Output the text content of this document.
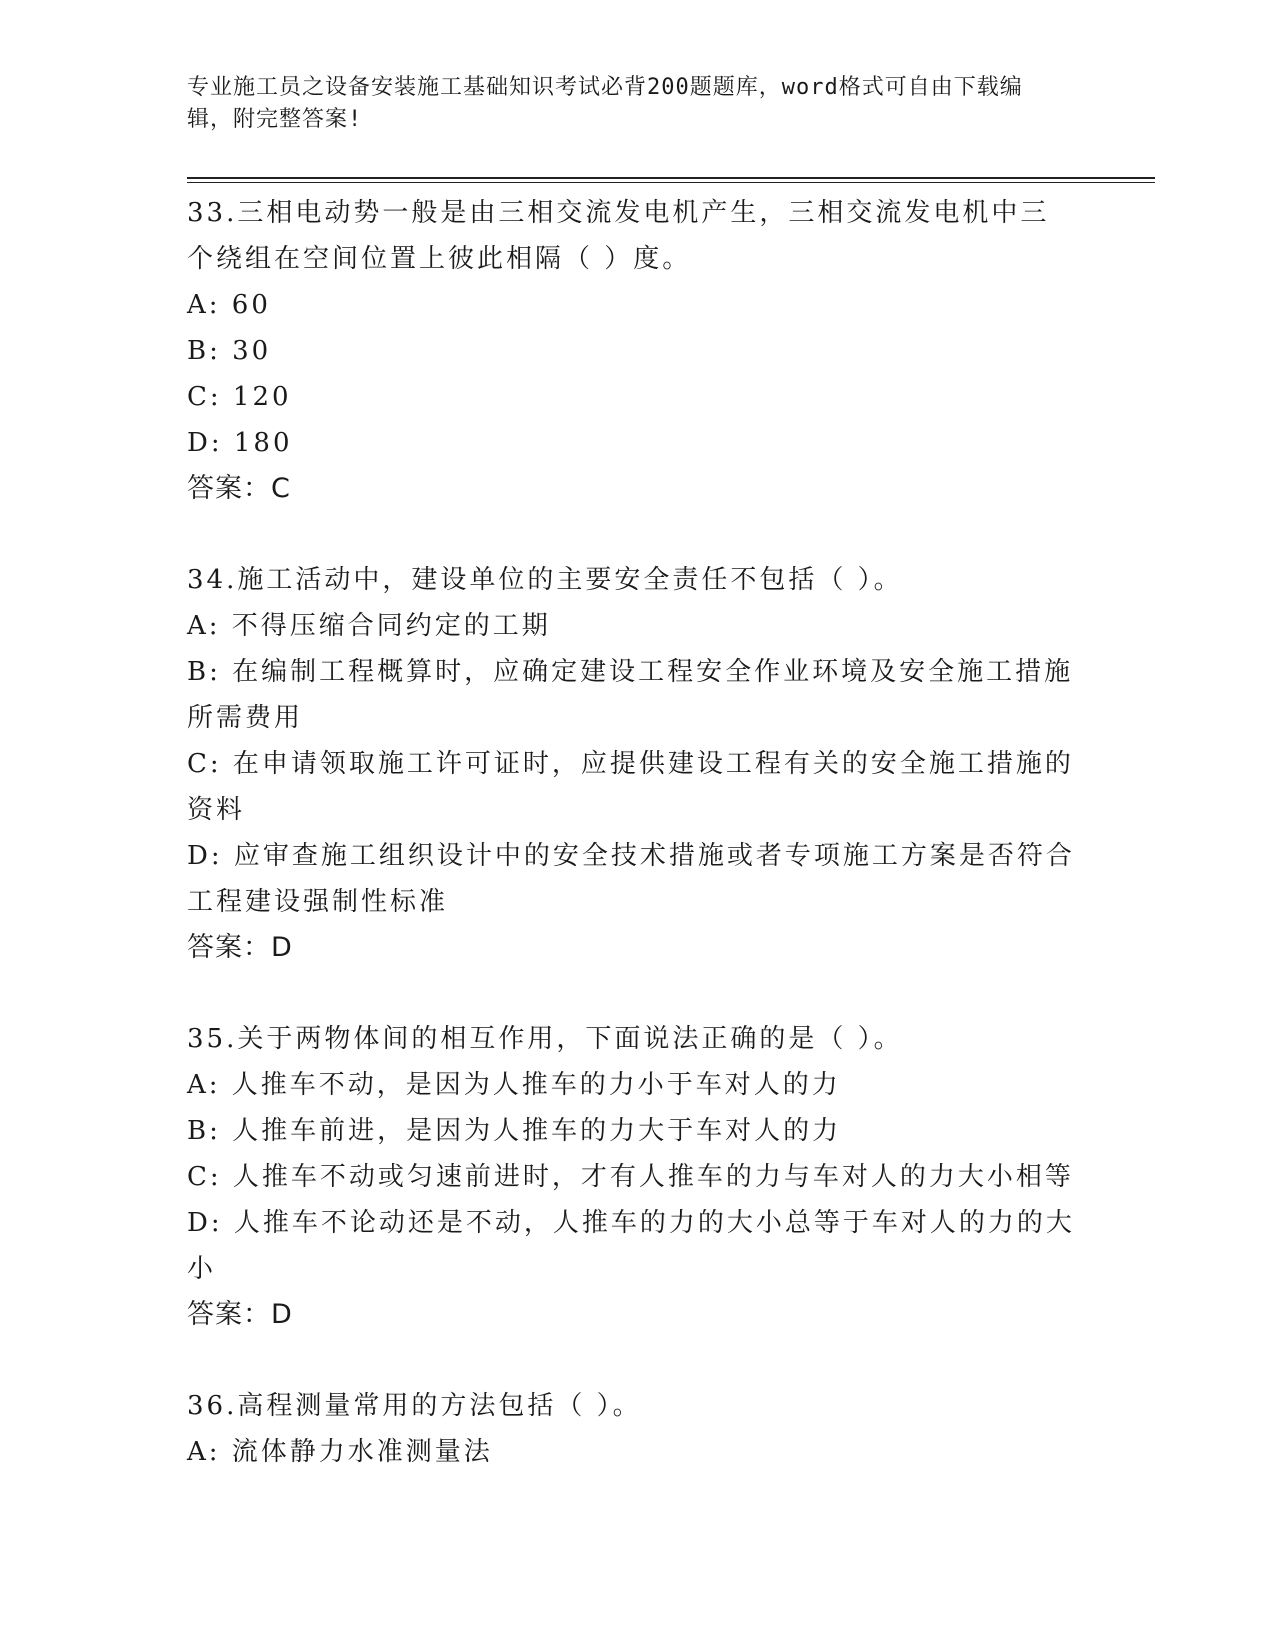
专业施工员之设备安装施工基础知识考试必背200题题库，word格式可自由下载编辑，附完整答案!

33.三相电动势一般是由三相交流发电机产生，三相交流发电机中三个绕组在空间位置上彼此相隔（ ）度。

A: 60

B: 30

C: 120

D: 180

答案：C

34.施工活动中，建设单位的主要安全责任不包括（ ）。

A: 不得压缩合同约定的工期

B: 在编制工程概算时，应确定建设工程安全作业环境及安全施工措施所需费用

C: 在申请领取施工许可证时，应提供建设工程有关的安全施工措施的资料

D: 应审查施工组织设计中的安全技术措施或者专项施工方案是否符合工程建设强制性标准

答案：D

35.关于两物体间的相互作用，下面说法正确的是（ ）。

A: 人推车不动，是因为人推车的力小于车对人的力

B: 人推车前进，是因为人推车的力大于车对人的力

C: 人推车不动或匀速前进时，才有人推车的力与车对人的力大小相等

D: 人推车不论动还是不动，人推车的力的大小总等于车对人的力的大小

答案：D

36.高程测量常用的方法包括（ ）。

A: 流体静力水准测量法
